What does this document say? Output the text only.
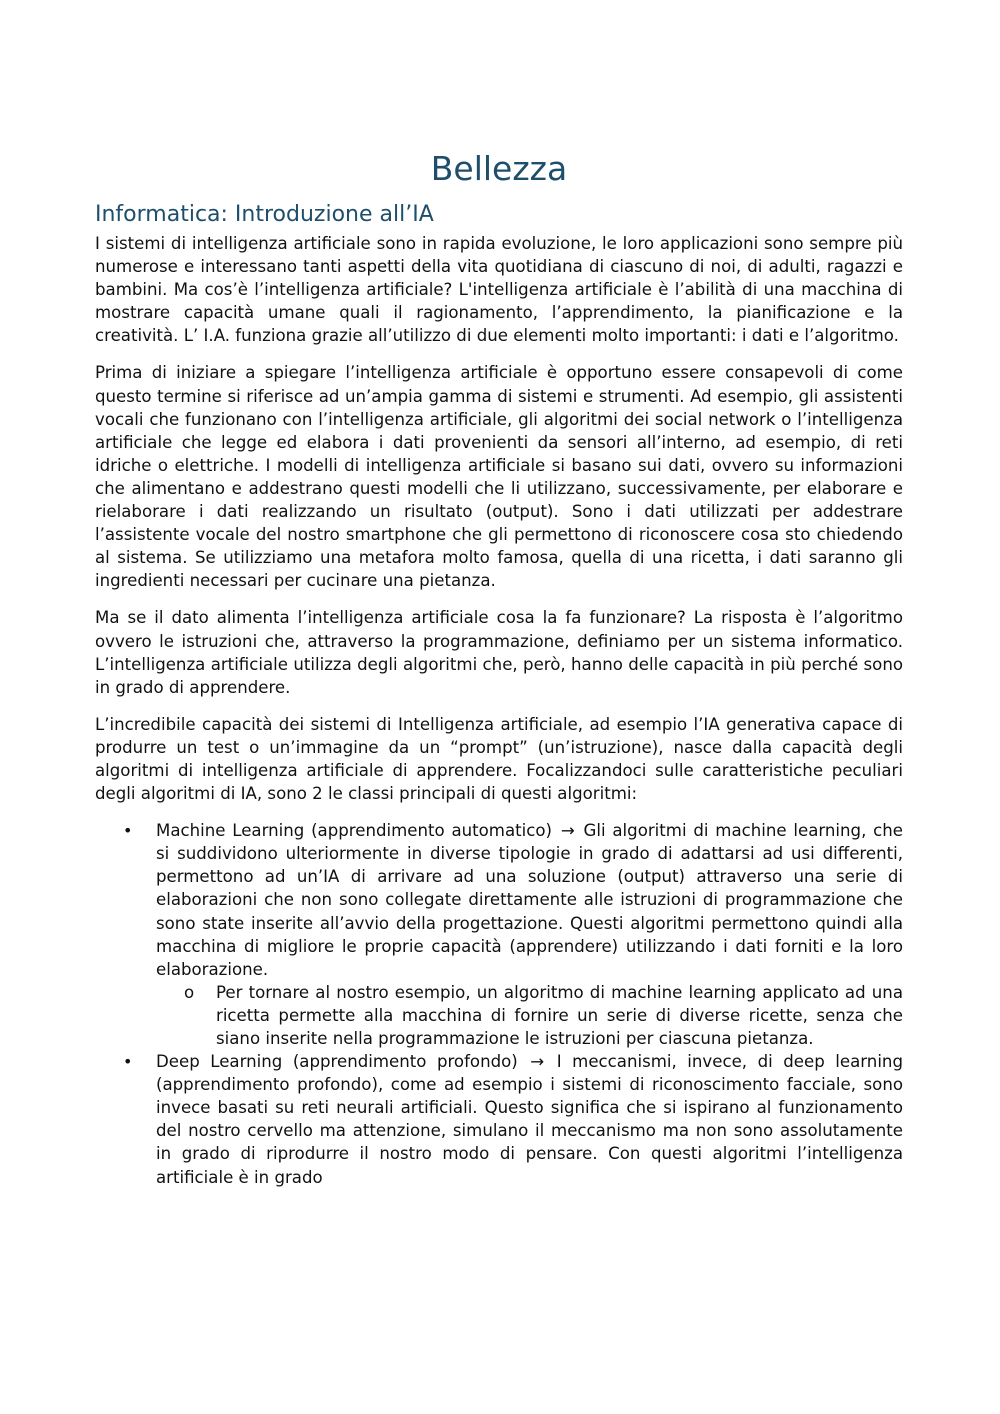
Bellezza
Informatica: Introduzione all’IA

I sistemi di intelligenza artificiale sono in rapida evoluzione, le loro applicazioni sono sempre più numerose e interessano tanti aspetti della vita quotidiana di ciascuno di noi, di adulti, ragazzi e bambini. Ma cos’è l’intelligenza artificiale? L'intelligenza artificiale è l’abilità di una macchina di mostrare capacità umane quali il ragionamento, l’apprendimento, la pianificazione e la creatività. L’ I.A. funziona grazie all’utilizzo di due elementi molto importanti: i dati e l’algoritmo.

Prima di iniziare a spiegare l’intelligenza artificiale è opportuno essere consapevoli di come questo termine si riferisce ad un’ampia gamma di sistemi e strumenti. Ad esempio, gli assistenti vocali che funzionano con l’intelligenza artificiale, gli algoritmi dei social network o l’intelligenza artificiale che legge ed elabora i dati provenienti da sensori all’interno, ad esempio, di reti idriche o elettriche. I modelli di intelligenza artificiale si basano sui dati, ovvero su informazioni che alimentano e addestrano questi modelli che li utilizzano, successivamente, per elaborare e rielaborare i dati realizzando un risultato (output). Sono i dati utilizzati per addestrare l’assistente vocale del nostro smartphone che gli permettono di riconoscere cosa sto chiedendo al sistema. Se utilizziamo una metafora molto famosa, quella di una ricetta, i dati saranno gli ingredienti necessari per cucinare una pietanza.

Ma se il dato alimenta l’intelligenza artificiale cosa la fa funzionare? La risposta è l’algoritmo ovvero le istruzioni che, attraverso la programmazione, definiamo per un sistema informatico. L’intelligenza artificiale utilizza degli algoritmi che, però, hanno delle capacità in più perché sono in grado di apprendere.

L’incredibile capacità dei sistemi di Intelligenza artificiale, ad esempio l’IA generativa capace di produrre un test o un’immagine da un “prompt” (un’istruzione), nasce dalla capacità degli algoritmi di intelligenza artificiale di apprendere. Focalizzandoci sulle caratteristiche peculiari degli algoritmi di IA, sono 2 le classi principali di questi algoritmi:

• Machine Learning (apprendimento automatico) → Gli algoritmi di machine learning, che si suddividono ulteriormente in diverse tipologie in grado di adattarsi ad usi differenti, permettono ad un’IA di arrivare ad una soluzione (output) attraverso una serie di elaborazioni che non sono collegate direttamente alle istruzioni di programmazione che sono state inserite all’avvio della progettazione. Questi algoritmi permettono quindi alla macchina di migliore le proprie capacità (apprendere) utilizzando i dati forniti e la loro elaborazione.
o Per tornare al nostro esempio, un algoritmo di machine learning applicato ad una ricetta permette alla macchina di fornire un serie di diverse ricette, senza che siano inserite nella programmazione le istruzioni per ciascuna pietanza.
• Deep Learning (apprendimento profondo) → I meccanismi, invece, di deep learning (apprendimento profondo), come ad esempio i sistemi di riconoscimento facciale, sono invece basati su reti neurali artificiali. Questo significa che si ispirano al funzionamento del nostro cervello ma attenzione, simulano il meccanismo ma non sono assolutamente in grado di riprodurre il nostro modo di pensare. Con questi algoritmi l’intelligenza artificiale è in grado
